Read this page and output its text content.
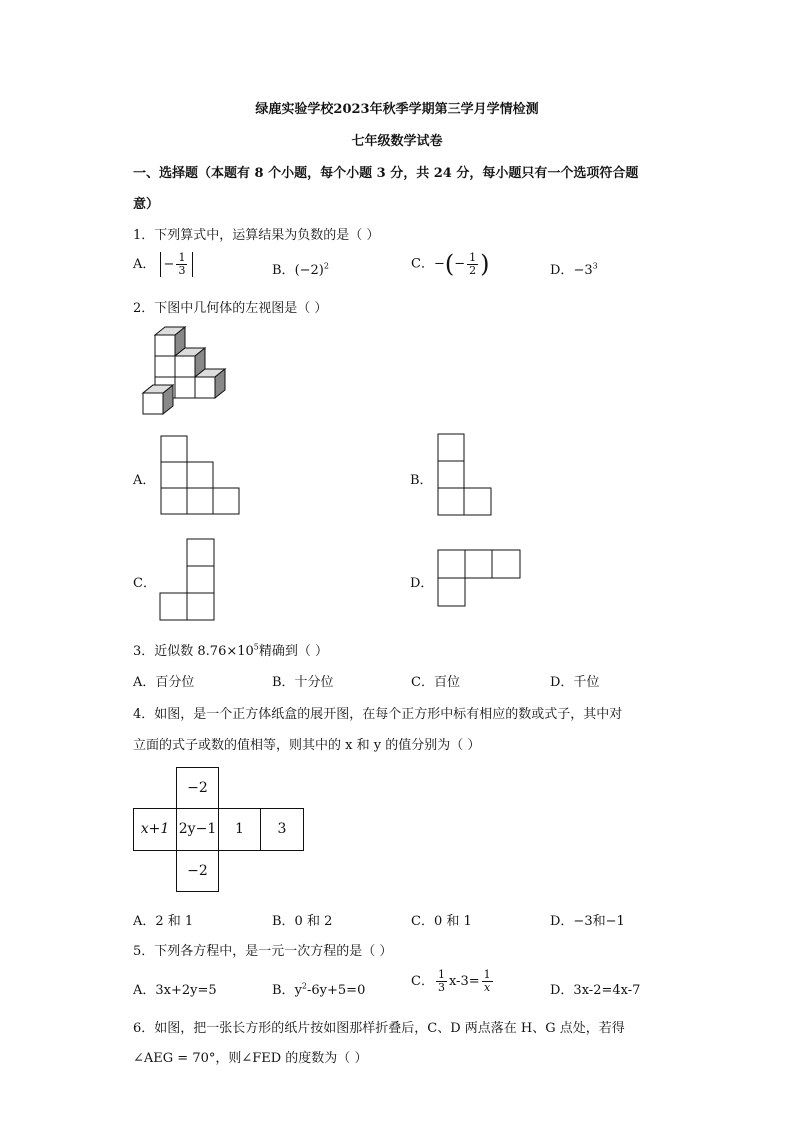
绿鹿实验学校2023年秋季学期第三学月学情检测
七年级数学试卷
一、选择题（本题有 8 个小题，每个小题 3 分，共 24 分，每小题只有一个选项符合题
意）
1．下列算式中，运算结果为负数的是（ ）
A． − $\frac{1}{3}$	B．$(-2)^2$	C．−(− $\frac{1}{2}$ )	D．$-3^3$
2．下图中几何体的左视图是（ ）
A．	B．
C．	D．
3．近似数 $8.76\times 10^5$精确到（ ）
A．百分位	B．十分位	C．百位	D．千位
4．如图，是一个正方体纸盒的展开图，在每个正方形中标有相应的数或式子，其中对
立面的式子或数的值相等，则其中的 x 和 y 的值分别为（ ）
−2
x+1 2y−1	1	3
−2
A．2 和 1	B．0 和 2	C．0 和 1	D．−3和−1
5．下列各方程中，是一元一次方程的是（ ）
A．3x+2y=5	B．$y^2-6y+5=0$
C． $\frac{1}{3} x-3= \frac{1}{x}$	D．3x-2=4x-7
6．如图，把一张长方形的纸片按如图那样折叠后，C、D 两点落在 H、G 点处，若得
∠AEG = 70°，则∠FED 的度数为（ ）
